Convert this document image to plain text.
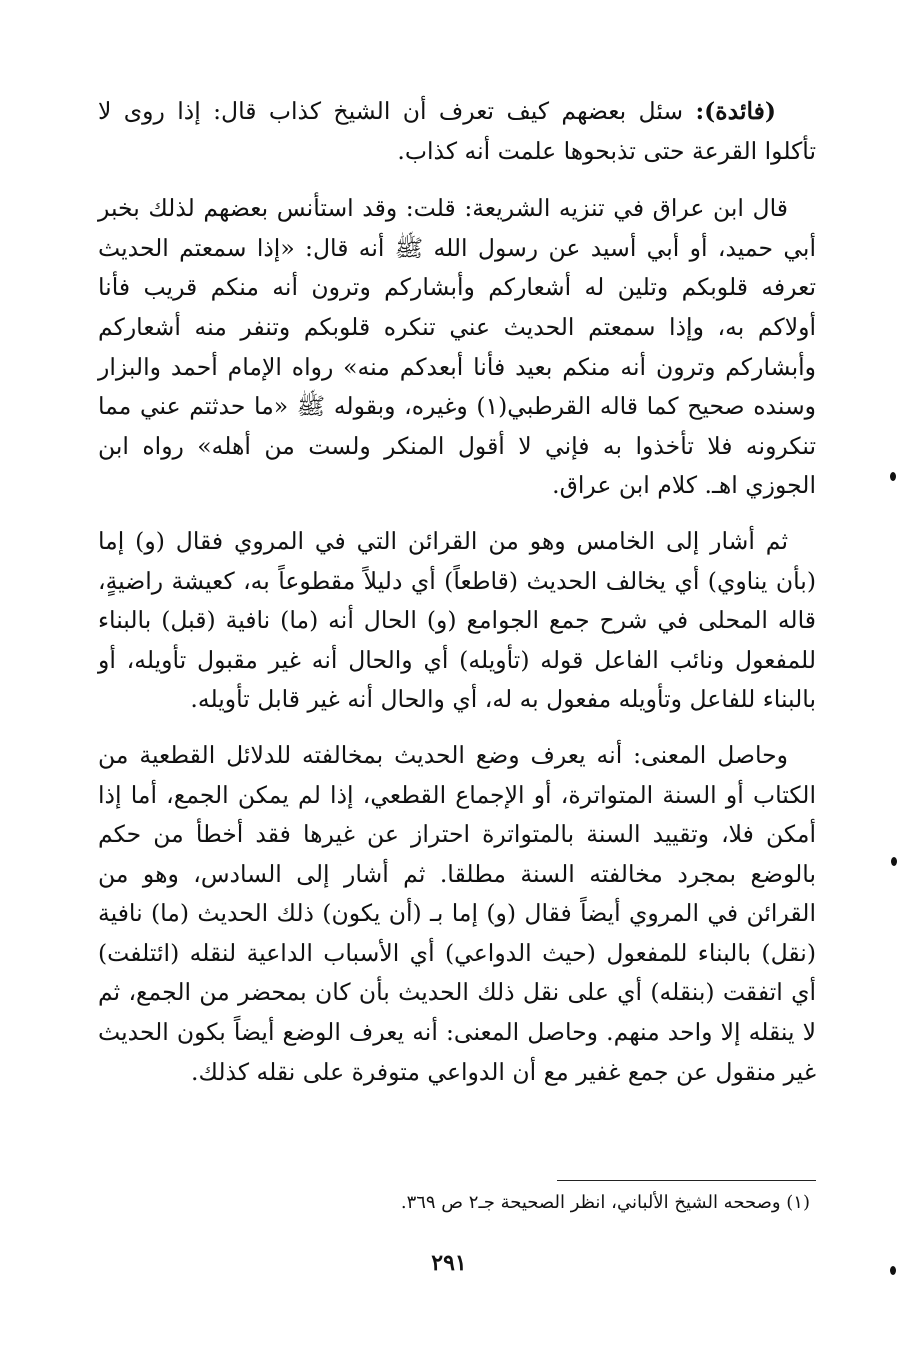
(فائدة): سئل بعضهم كيف تعرف أن الشيخ كذاب قال: إذا روى لا تأكلوا القرعة حتى تذبحوها علمت أنه كذاب.

قال ابن عراق في تنزيه الشريعة: قلت: وقد استأنس بعضهم لذلك بخبر أبي حميد، أو أبي أسيد عن رسول الله ﷺ أنه قال: «إذا سمعتم الحديث تعرفه قلوبكم وتلين له أشعاركم وأبشاركم وترون أنه منكم قريب فأنا أولاكم به، وإذا سمعتم الحديث عني تنكره قلوبكم وتنفر منه أشعاركم وأبشاركم وترون أنه منكم بعيد فأنا أبعدكم منه» رواه الإمام أحمد والبزار وسنده صحيح كما قاله القرطبي(١) وغيره، وبقوله ﷺ «ما حدثتم عني مما تنكرونه فلا تأخذوا به فإني لا أقول المنكر ولست من أهله» رواه ابن الجوزي اهـ. كلام ابن عراق.

ثم أشار إلى الخامس وهو من القرائن التي في المروي فقال (و) إما (بأن يناوي) أي يخالف الحديث (قاطعاً) أي دليلاً مقطوعاً به، كعيشة راضيةٍ، قاله المحلى في شرح جمع الجوامع (و) الحال أنه (ما) نافية (قبل) بالبناء للمفعول ونائب الفاعل قوله (تأويله) أي والحال أنه غير مقبول تأويله، أو بالبناء للفاعل وتأويله مفعول به له، أي والحال أنه غير قابل تأويله.

وحاصل المعنى: أنه يعرف وضع الحديث بمخالفته للدلائل القطعية من الكتاب أو السنة المتواترة، أو الإجماع القطعي، إذا لم يمكن الجمع، أما إذا أمكن فلا، وتقييد السنة بالمتواترة احتراز عن غيرها فقد أخطأ من حكم بالوضع بمجرد مخالفته السنة مطلقا. ثم أشار إلى السادس، وهو من القرائن في المروي أيضاً فقال (و) إما بـ (أن يكون) ذلك الحديث (ما) نافية (نقل) بالبناء للمفعول (حيث الدواعي) أي الأسباب الداعية لنقله (ائتلفت) أي اتفقت (بنقله) أي على نقل ذلك الحديث بأن كان بمحضر من الجمع، ثم لا ينقله إلا واحد منهم. وحاصل المعنى: أنه يعرف الوضع أيضاً بكون الحديث غير منقول عن جمع غفير مع أن الدواعي متوفرة على نقله كذلك.

(١) وصححه الشيخ الألباني، انظر الصحيحة جـ٢ ص ٣٦٩.
٢٩١
